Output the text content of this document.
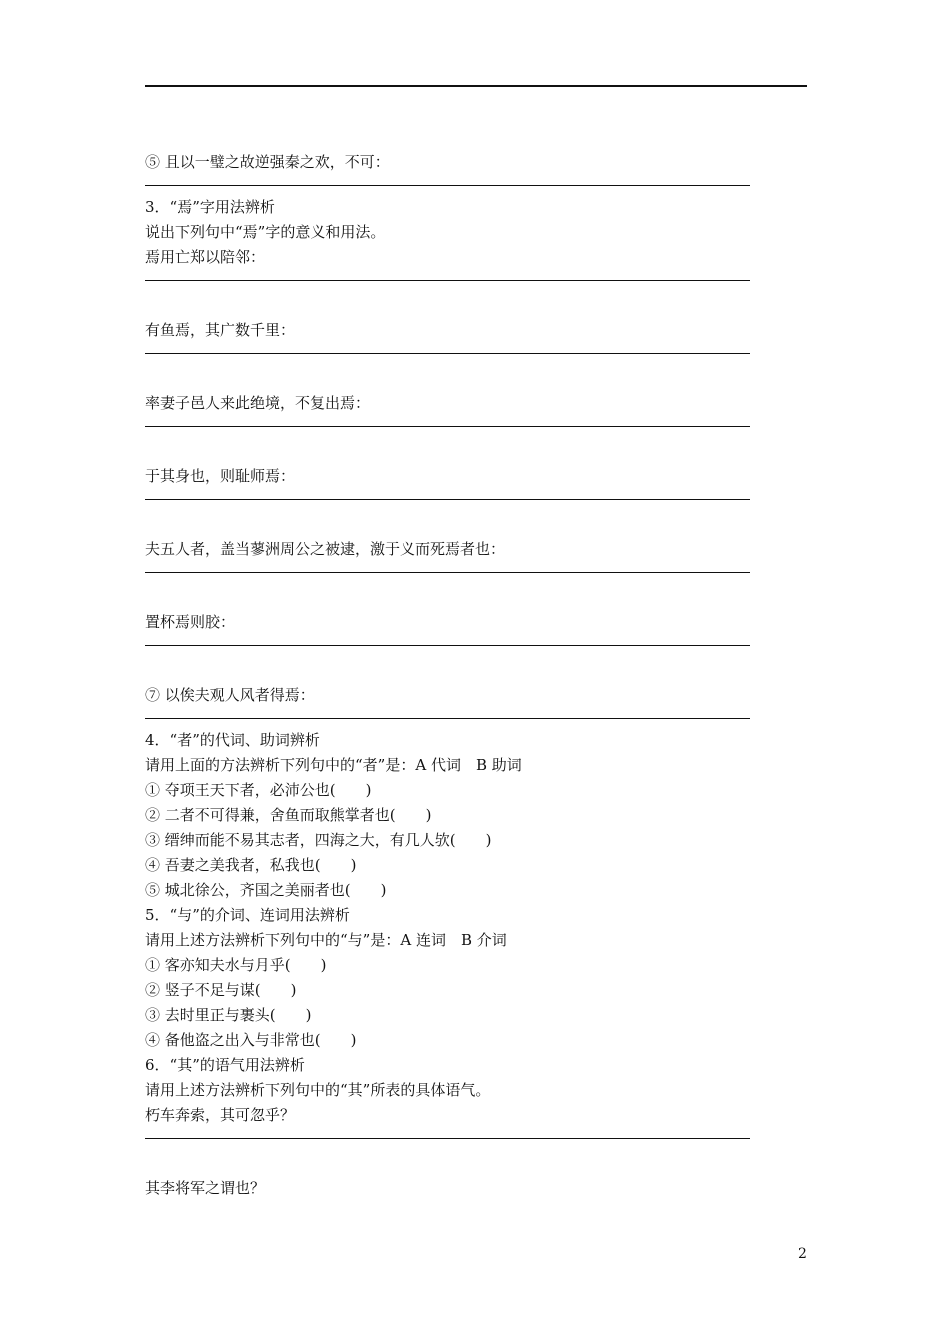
⑤ 且以一璧之故逆强秦之欢，不可：
3．“焉”字用法辨析
说出下列句中“焉”字的意义和用法。
焉用亡郑以陪邻：
有鱼焉，其广数千里：
率妻子邑人来此绝境，不复出焉：
于其身也，则耻师焉：
夫五人者，盖当蓼洲周公之被逮，激于义而死焉者也：
置杯焉则胶：
⑦ 以俟夫观人风者得焉：
4．“者”的代词、助词辨析
请用上面的方法辨析下列句中的“者”是：A 代词　B 助词
① 夺项王天下者，必沛公也(　　)
② 二者不可得兼，舍鱼而取熊掌者也(　　)
③ 缙绅而能不易其志者，四海之大，有几人欤(　　)
④ 吾妻之美我者，私我也(　　)
⑤ 城北徐公，齐国之美丽者也(　　)
5．“与”的介词、连词用法辨析
请用上述方法辨析下列句中的“与”是：A 连词　B 介词
① 客亦知夫水与月乎(　　)
② 竖子不足与谋(　　)
③ 去时里正与裹头(　　)
④ 备他盗之出入与非常也(　　)
6．“其”的语气用法辨析
请用上述方法辨析下列句中的“其”所表的具体语气。
朽车奔索，其可忽乎？
其李将军之谓也？
2
